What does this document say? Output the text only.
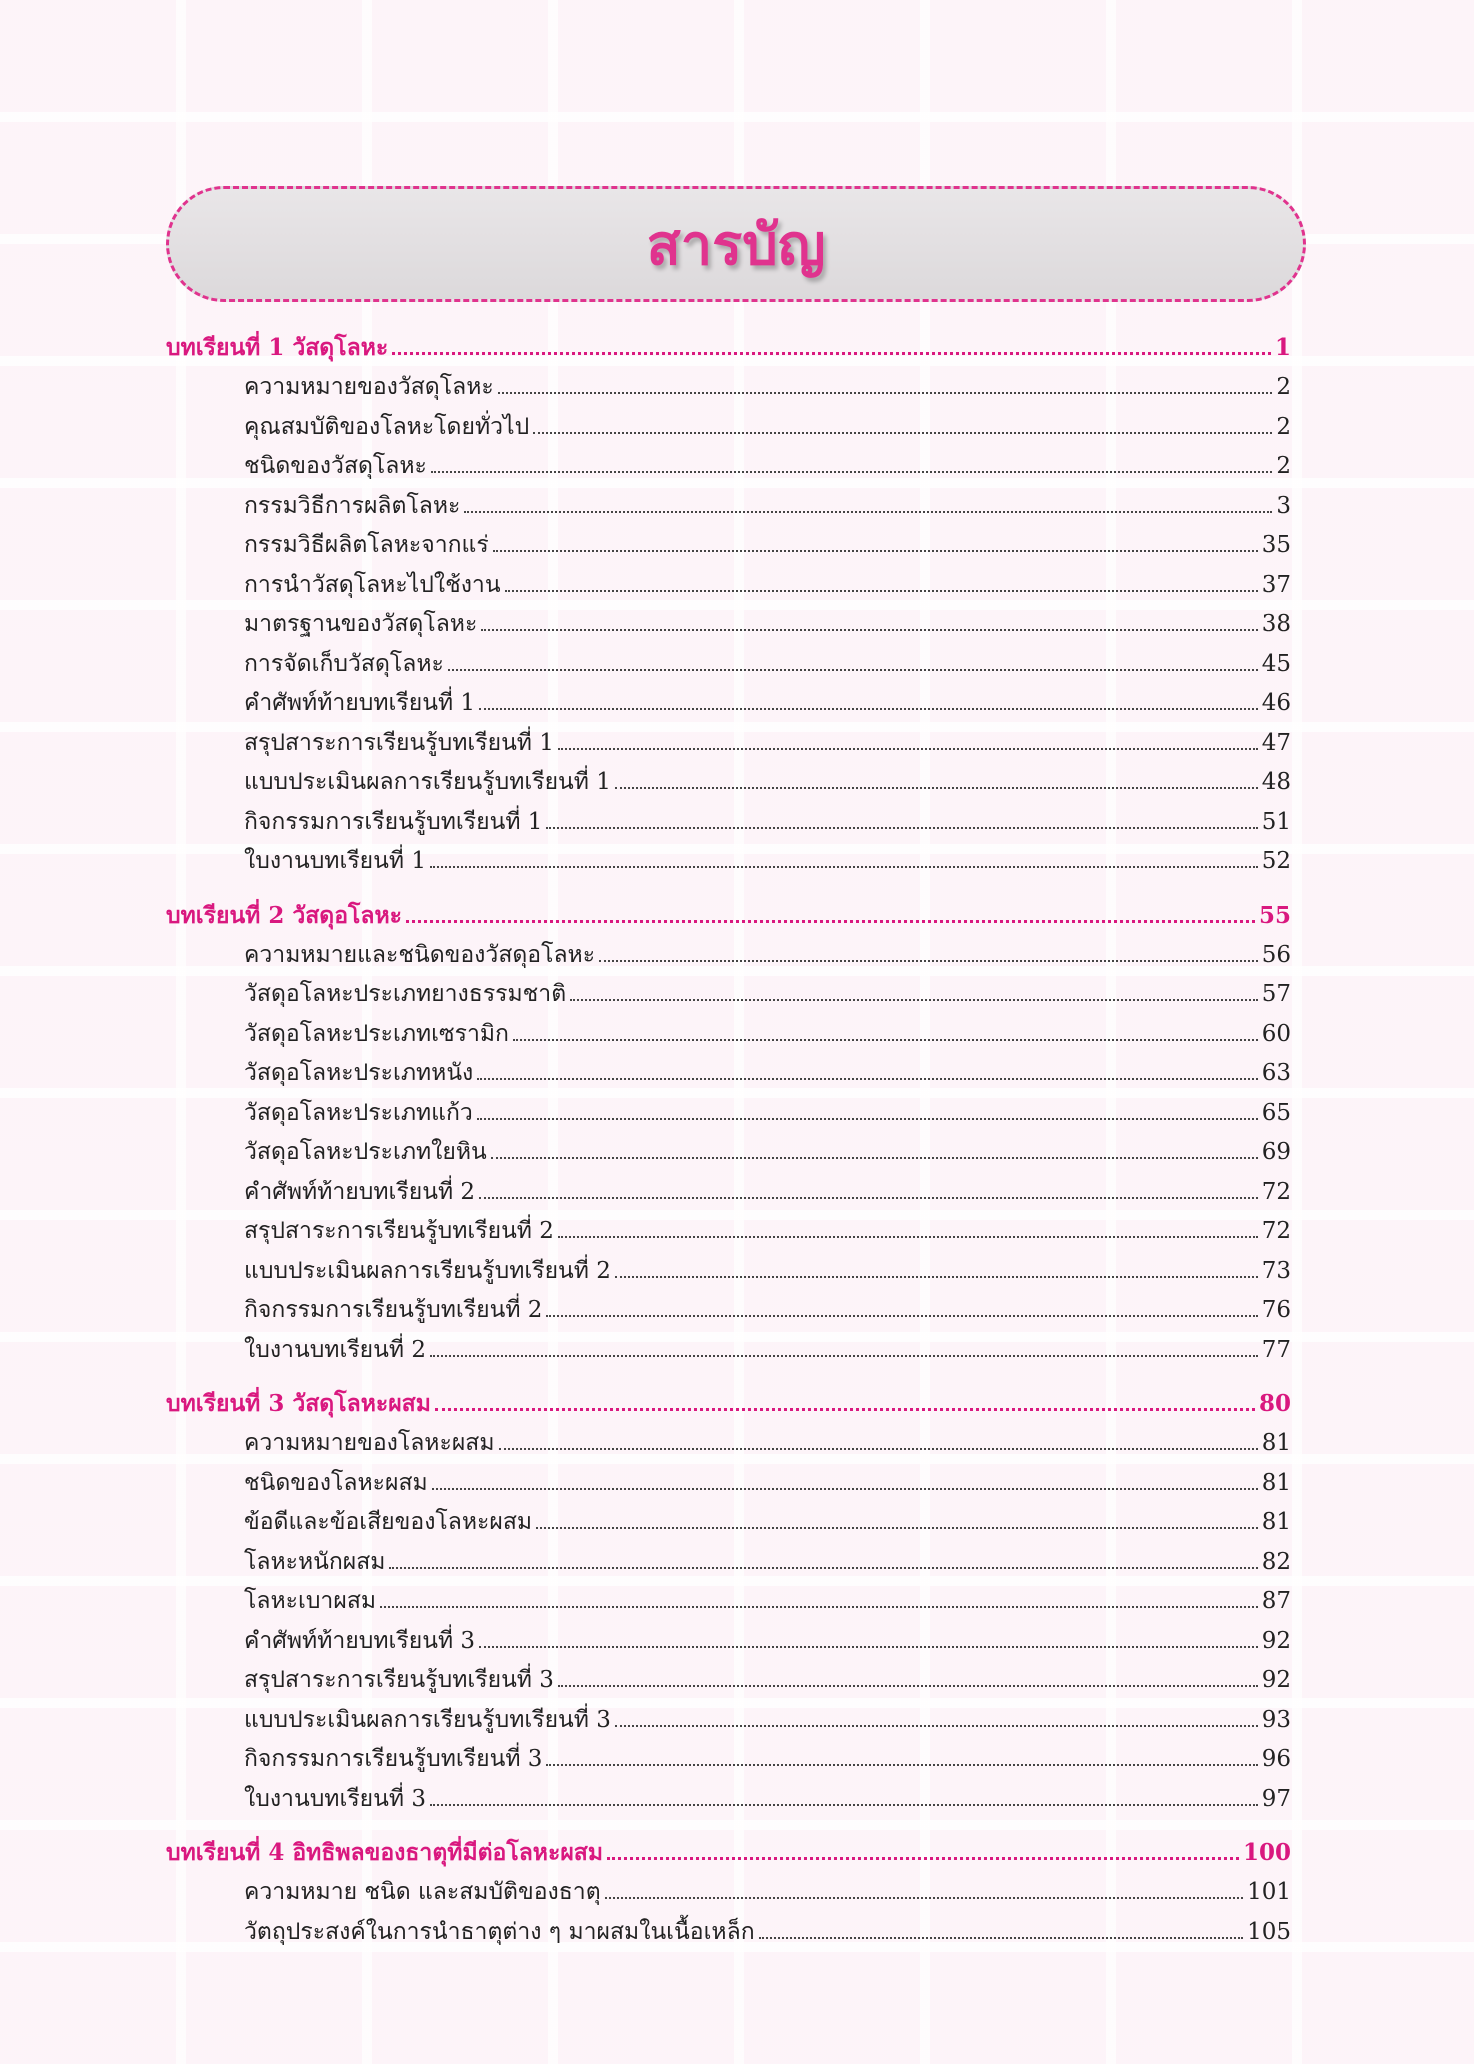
สารบัญ
บทเรียนที่ 1 วัสดุโลหะ	1
ความหมายของวัสดุโลหะ	2
คุณสมบัติของโลหะโดยทั่วไป	2
ชนิดของวัสดุโลหะ	2
กรรมวิธีการผลิตโลหะ	3
กรรมวิธีผลิตโลหะจากแร่	35
การนำวัสดุโลหะไปใช้งาน	37
มาตรฐานของวัสดุโลหะ	38
การจัดเก็บวัสดุโลหะ	45
คำศัพท์ท้ายบทเรียนที่ 1	46
สรุปสาระการเรียนรู้บทเรียนที่ 1	47
แบบประเมินผลการเรียนรู้บทเรียนที่ 1	48
กิจกรรมการเรียนรู้บทเรียนที่ 1	51
ใบงานบทเรียนที่ 1	52
บทเรียนที่ 2 วัสดุอโลหะ	55
ความหมายและชนิดของวัสดุอโลหะ	56
วัสดุอโลหะประเภทยางธรรมชาติ	57
วัสดุอโลหะประเภทเซรามิก	60
วัสดุอโลหะประเภทหนัง	63
วัสดุอโลหะประเภทแก้ว	65
วัสดุอโลหะประเภทใยหิน	69
คำศัพท์ท้ายบทเรียนที่ 2	72
สรุปสาระการเรียนรู้บทเรียนที่ 2	72
แบบประเมินผลการเรียนรู้บทเรียนที่ 2	73
กิจกรรมการเรียนรู้บทเรียนที่ 2	76
ใบงานบทเรียนที่ 2	77
บทเรียนที่ 3 วัสดุโลหะผสม	80
ความหมายของโลหะผสม	81
ชนิดของโลหะผสม	81
ข้อดีและข้อเสียของโลหะผสม	81
โลหะหนักผสม	82
โลหะเบาผสม	87
คำศัพท์ท้ายบทเรียนที่ 3	92
สรุปสาระการเรียนรู้บทเรียนที่ 3	92
แบบประเมินผลการเรียนรู้บทเรียนที่ 3	93
กิจกรรมการเรียนรู้บทเรียนที่ 3	96
ใบงานบทเรียนที่ 3	97
บทเรียนที่ 4 อิทธิพลของธาตุที่มีต่อโลหะผสม	100
ความหมาย ชนิด และสมบัติของธาตุ	101
วัตถุประสงค์ในการนำธาตุต่าง ๆ มาผสมในเนื้อเหล็ก	105
